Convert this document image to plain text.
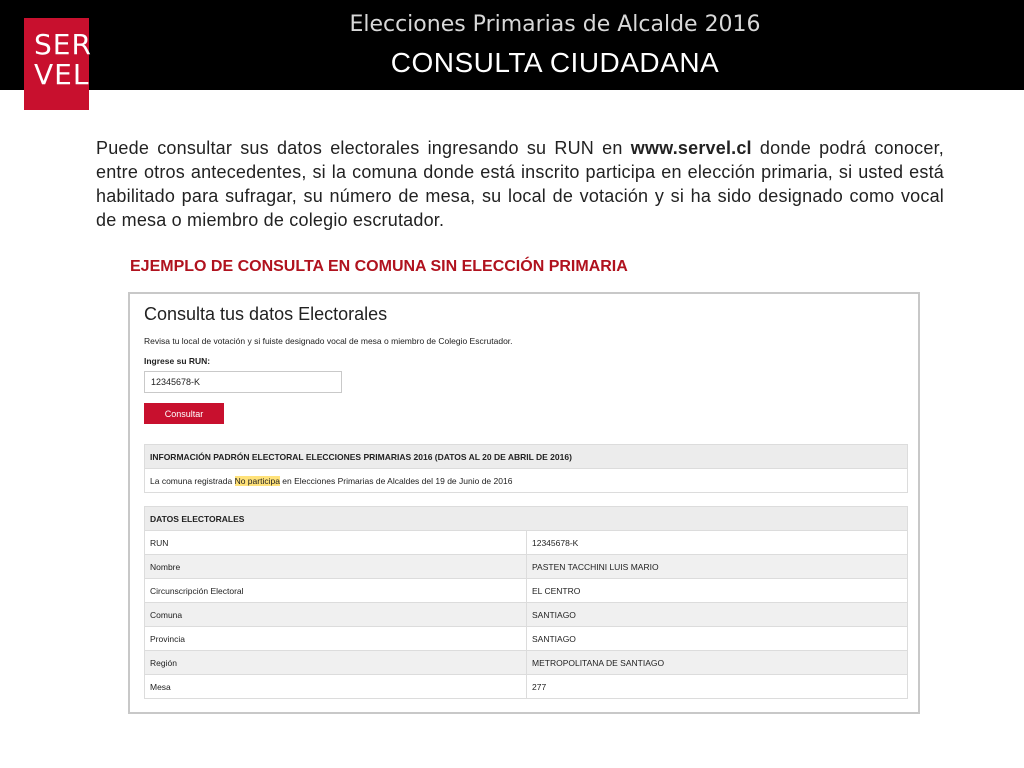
Elecciones Primarias de Alcalde 2016
CONSULTA CIUDADANA
SER
VEL

Puede consultar sus datos electorales ingresando su RUN en www.servel.cl donde podrá conocer, entre otros antecedentes, si la comuna donde está inscrito participa en elección primaria, si usted está habilitado para sufragar, su número de mesa, su local de votación y si ha sido designado como vocal de mesa o miembro de colegio escrutador.

EJEMPLO DE CONSULTA EN COMUNA SIN ELECCIÓN PRIMARIA
Consulta tus datos Electorales
Revisa tu local de votación y si fuiste designado vocal de mesa o miembro de Colegio Escrutador.
Ingrese su RUN:
12345678-K
Consultar
INFORMACIÓN PADRÓN ELECTORAL ELECCIONES PRIMARIAS 2016 (DATOS AL 20 DE ABRIL DE 2016)
La comuna registrada No participa en Elecciones Primarias de Alcaldes del 19 de Junio de 2016
DATOS ELECTORALES	
RUN	12345678-K
Nombre	PASTEN TACCHINI LUIS MARIO
Circunscripción Electoral	EL CENTRO
Comuna	SANTIAGO
Provincia	SANTIAGO
Región	METROPOLITANA DE SANTIAGO
Mesa	277
